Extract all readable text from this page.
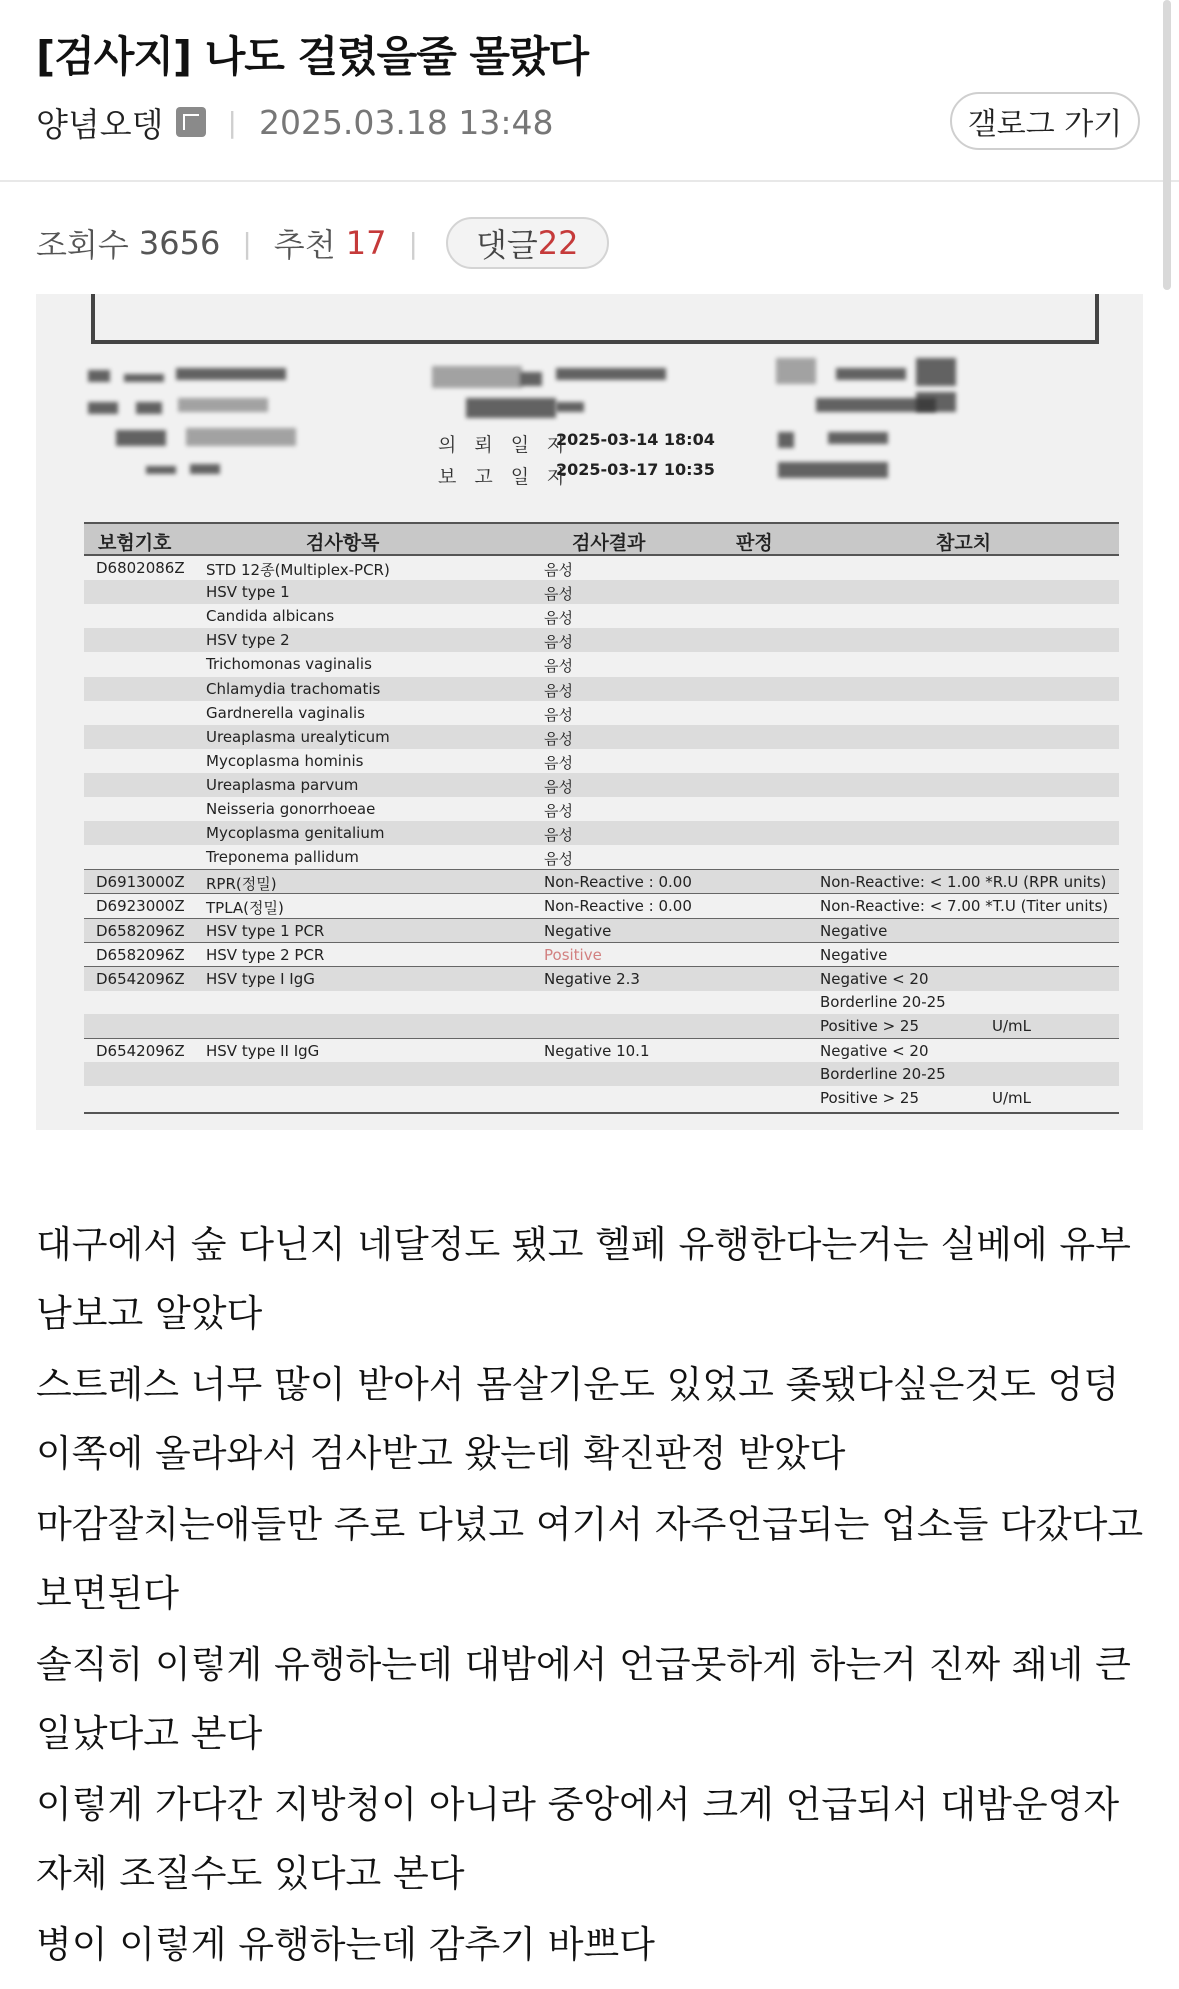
[검사지] 나도 걸렸을줄 몰랐다
양념오뎅 | 2025.03.18 13:48	갤로그 가기
조회수
3656 | 추천
17 | 댓글 22
의 뢰 일 자
2025-03-14 18:04
보 고 일 자
2025-03-17 10:35
보험기호	검사항목	검사결과	판정	참고치
D6802086Z STD 12종(Multiplex-PCR)	음성
HSV type 1	음성
Candida albicans	음성
HSV type 2	음성
Trichomonas vaginalis	음성
Chlamydia trachomatis	음성
Gardnerella vaginalis	음성
Ureaplasma urealyticum	음성
Mycoplasma hominis	음성
Ureaplasma parvum	음성
Neisseria gonorrhoeae	음성
Mycoplasma genitalium	음성
Treponema pallidum	음성
D6913000Z RPR(정밀)	Non-Reactive : 0.00	Non-Reactive: < 1.00 *R.U (RPR units)
D6923000Z TPLA(정밀)	Non-Reactive : 0.00	Non-Reactive: < 7.00 *T.U (Titer units)
D6582096Z HSV type 1 PCR	Negative	Negative
D6582096Z HSV type 2 PCR	Positive	Negative
D6542096Z HSV type I IgG	Negative 2.3	Negative < 20
Borderline 20-25
Positive > 25	U/mL
D6542096Z HSV type II IgG	Negative 10.1	Negative < 20
Borderline 20-25
Positive > 25	U/mL

대구에서 숲 다닌지 네달정도 됐고 헬페 유행한다는거는 실베에 유부남보고 알았다

스트레스 너무 많이 받아서 몸살기운도 있었고 좆됐다싶은것도 엉덩이쪽에 올라와서 검사받고 왔는데 확진판정 받았다

마감잘치는애들만 주로 다녔고 여기서 자주언급되는 업소들 다갔다고보면된다

솔직히 이렇게 유행하는데 대밤에서 언급못하게 하는거 진짜 좨네 큰일났다고 본다

이렇게 가다간 지방청이 아니라 중앙에서 크게 언급되서 대밤운영자 자체 조질수도 있다고 본다

병이 이렇게 유행하는데 감추기 바쁘다
